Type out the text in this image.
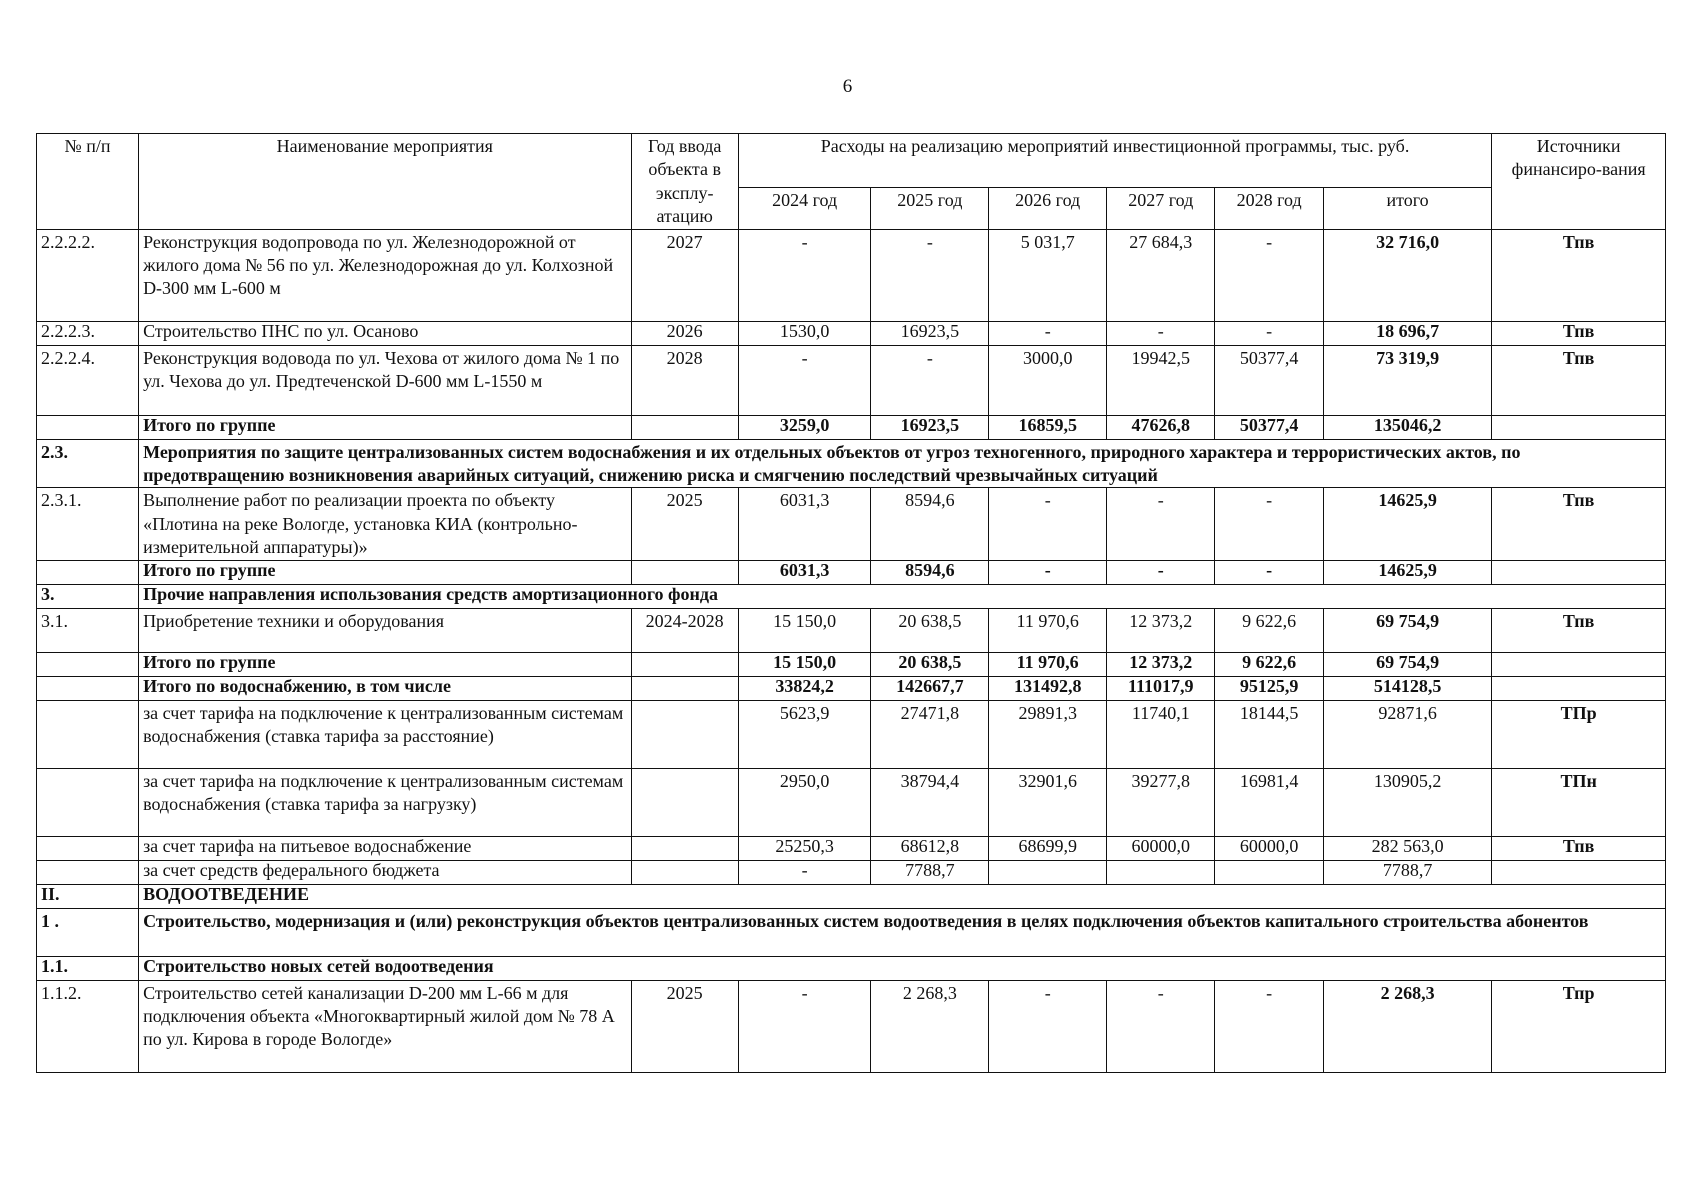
6
№ п/п	Наименование мероприятия	Год ввода объекта в эксплу-атацию	Расходы на реализацию мероприятий инвестиционной программы, тыс. руб.						Источники финансиро-вания
			2024 год	2025 год	2026 год	2027 год	2028 год	итого	
2.2.2.2.	Реконструкция водопровода по ул. Железнодорожной от жилого дома № 56 по ул. Железнодорожная до ул. Колхозной D-300 мм L-600 м	2027	-	-	5 031,7	27 684,3	-	32 716,0	Тпв
2.2.2.3.	Строительство ПНС по ул. Осаново	2026	1530,0	16923,5	-	-	-	18 696,7	Тпв
2.2.2.4.	Реконструкция водовода по ул. Чехова от жилого дома № 1 по ул. Чехова до ул. Предтеченской D-600 мм L-1550 м	2028	-	-	3000,0	19942,5	50377,4	73 319,9	Тпв
	Итого по группе		3259,0	16923,5	16859,5	47626,8	50377,4	135046,2	
2.3.	Мероприятия по защите централизованных систем водоснабжения и их отдельных объектов от угроз техногенного, природного характера и террористических актов, по предотвращению возникновения аварийных ситуаций, снижению риска и смягчению последствий чрезвычайных ситуаций								
2.3.1.	Выполнение работ по реализации проекта по объекту «Плотина на реке Вологде, установка КИА (контрольно-измерительной аппаратуры)»	2025	6031,3	8594,6	-	-	-	14625,9	Тпв
	Итого по группе		6031,3	8594,6	-	-	-	14625,9	
3.	Прочие направления использования средств амортизационного фонда								
3.1.	Приобретение техники и оборудования	2024-2028	15 150,0	20 638,5	11 970,6	12 373,2	9 622,6	69 754,9	Тпв
	Итого по группе		15 150,0	20 638,5	11 970,6	12 373,2	9 622,6	69 754,9	
	Итого по водоснабжению, в том числе		33824,2	142667,7	131492,8	111017,9	95125,9	514128,5	
	за счет тарифа на подключение к централизованным системам водоснабжения (ставка тарифа за расстояние)		5623,9	27471,8	29891,3	11740,1	18144,5	92871,6	ТПр
	за счет тарифа на подключение к централизованным системам водоснабжения (ставка тарифа за нагрузку)		2950,0	38794,4	32901,6	39277,8	16981,4	130905,2	ТПн
	за счет тарифа на питьевое водоснабжение		25250,3	68612,8	68699,9	60000,0	60000,0	282 563,0	Тпв
	за счет средств федерального бюджета		-	7788,7				7788,7	
II.	ВОДООТВЕДЕНИЕ								
1 .	Строительство, модернизация и (или) реконструкция объектов централизованных систем водоотведения в целях подключения объектов капитального строительства абонентов								
1.1.	Строительство новых сетей водоотведения								
1.1.2.	Строительство сетей канализации D-200 мм L-66 м для подключения объекта «Многоквартирный жилой дом № 78 А по ул. Кирова в городе Вологде»	2025	-	2 268,3	-	-	-	2 268,3	Тпр
